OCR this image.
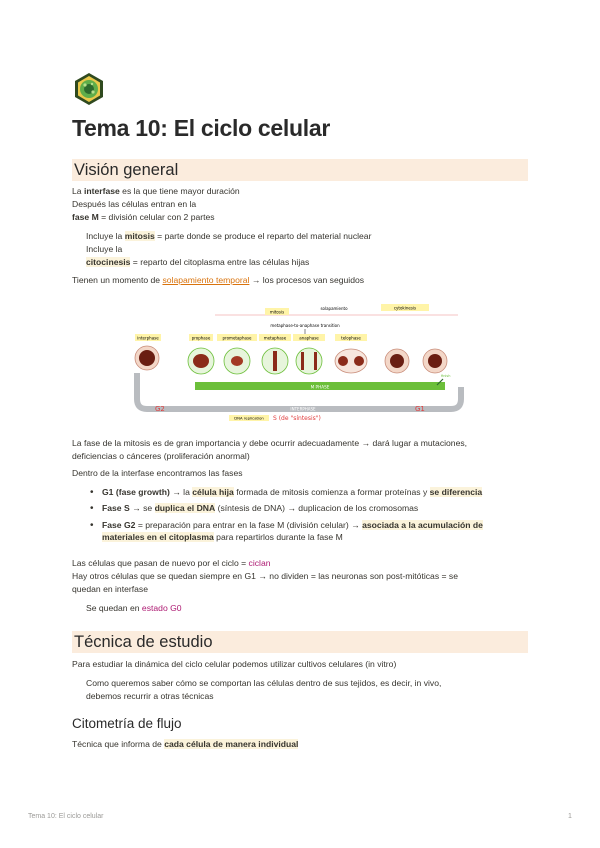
Tema 10: El ciclo celular
Visión general
La interfase es la que tiene mayor duración
Después las células entran en la
fase M = división celular con 2 partes
Incluye la mitosis = parte donde se produce el reparto del material nuclear
Incluye la
citocinesis = reparto del citoplasma entre las células hijas
Tienen un momento de solapamiento temporal → los procesos van seguidos
mitosis
solapamiento	cytokinesis
metaphase-to-anaphase transition
interphase	prophase	prometaphase	metaphase	anaphase	telophase
M PHASE
G2	G1
INTERPHASE
DNA replication S (de "síntesis")
finish
La fase de la mitosis es de gran importancia y debe ocurrir adecuadamente → dará lugar a mutaciones,
deficiencias o cánceres (proliferación anormal)
Dentro de la interfase encontramos las fases
• G1 (fase growth) → la célula hija formada de mitosis comienza a formar proteínas y se diferencia
• Fase S → se duplica el DNA (síntesis de DNA) → duplicacion de los cromosomas
• Fase G2 = preparación para entrar en la fase M (división celular) → asociada a la acumulación de
materiales en el citoplasma para repartirlos durante la fase M
Las células que pasan de nuevo por el ciclo = ciclan
Hay otros células que se quedan siempre en G1 → no dividen = las neuronas son post-mitóticas = se
quedan en interfase
Se quedan en estado G0
Técnica de estudio
Para estudiar la dinámica del ciclo celular podemos utilizar cultivos celulares (in vitro)
Como queremos saber cómo se comportan las células dentro de sus tejidos, es decir, in vivo,
debemos recurrir a otras técnicas
Citometría de flujo
Técnica que informa de cada célula de manera individual
Tema 10: El ciclo celular	1
